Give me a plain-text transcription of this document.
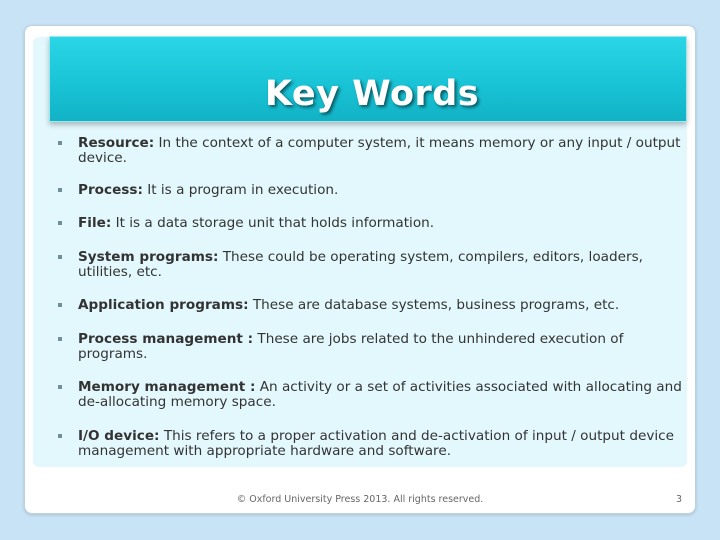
Key Words
Resource: In the context of a computer system, it means memory or any input / output device.
Process: It is a program in execution.
File: It is a data storage unit that holds information.
System programs: These could be operating system, compilers, editors, loaders, utilities, etc.
Application programs: These are database systems, business programs, etc.
Process management : These are jobs related to the unhindered execution of programs.
Memory management : An activity or a set of activities associated with allocating and de-allocating memory space.
I/O device: This refers to a proper activation and de-activation of input / output device management with appropriate hardware and software.
© Oxford University Press 2013. All rights reserved.	3
